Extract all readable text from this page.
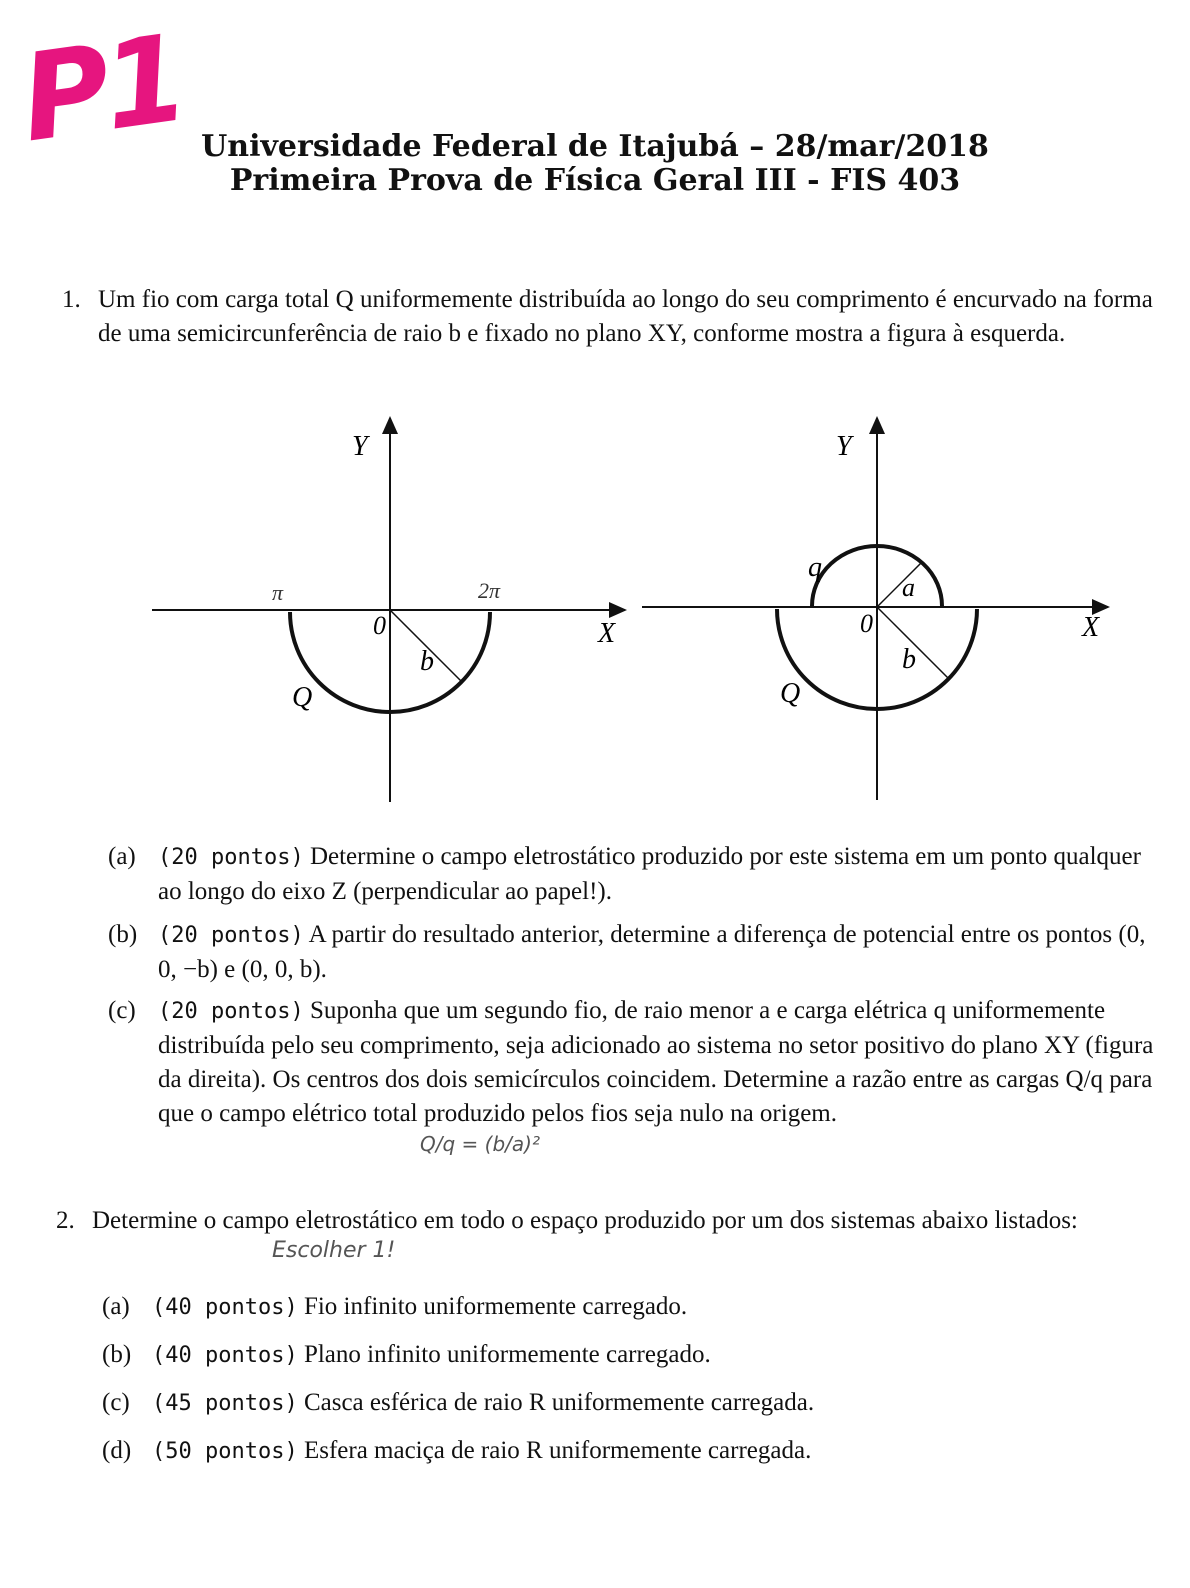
P1 Universidade Federal de Itajubá – 28/mar/2018
Primeira Prova de Física Geral III - FIS 403
1. Um fio com carga total Q uniformemente distribuída ao longo do seu comprimento é encurvado na forma de uma semicircunferência de raio b e fixado no plano XY, conforme mostra a figura à esquerda.
Y
X
0
b
Q
π	2π
Y
X
0
b
a
Q
q
(a) (20 pontos) Determine o campo eletrostático produzido por este sistema em um ponto qualquer ao longo do eixo Z (perpendicular ao papel!).
(b) (20 pontos) A partir do resultado anterior, determine a diferença de potencial entre os pontos (0, 0, −b) e (0, 0, b).
(c) (20 pontos) Suponha que um segundo fio, de raio menor a e carga elétrica q uniformemente distribuída pelo seu comprimento, seja adicionado ao sistema no setor positivo do plano XY (figura da direita). Os centros dos dois semicírculos coincidem. Determine a razão entre as cargas Q/q para que o campo elétrico total produzido pelos fios seja nulo na origem.
Q/q = (b/a)²
2. Determine o campo eletrostático em todo o espaço produzido por um dos sistemas abaixo listados:
Escolher 1!
(a) (40 pontos) Fio infinito uniformemente carregado.
(b) (40 pontos) Plano infinito uniformemente carregado.
(c) (45 pontos) Casca esférica de raio R uniformemente carregada.
(d) (50 pontos) Esfera maciça de raio R uniformemente carregada.
